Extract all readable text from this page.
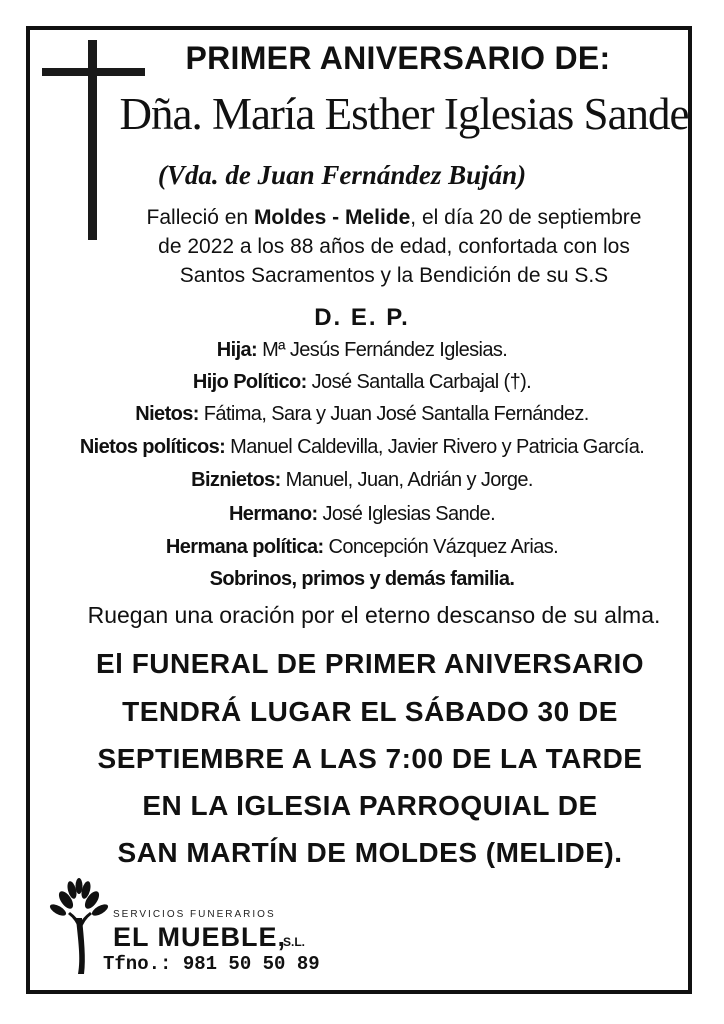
PRIMER ANIVERSARIO DE:
Dña. María Esther Iglesias Sande
(Vda. de Juan Fernández Buján)
Falleció en Moldes - Melide, el día 20 de septiembre
de 2022 a los 88 años de edad, confortada con los
Santos Sacramentos y la Bendición de su S.S
D. E. P.
Hija: Mª Jesús Fernández Iglesias.
Hijo Político: José Santalla Carbajal (†).
Nietos: Fátima, Sara y Juan José Santalla Fernández.
Nietos políticos: Manuel Caldevilla, Javier Rivero y Patricia García.
Biznietos: Manuel, Juan, Adrián y Jorge.
Hermano: José Iglesias Sande.
Hermana política: Concepción Vázquez Arias.
Sobrinos, primos y demás familia.
Ruegan una oración por el eterno descanso de su alma.
El FUNERAL DE PRIMER ANIVERSARIO
TENDRÁ LUGAR EL SÁBADO 30 DE
SEPTIEMBRE A LAS 7:00 DE LA TARDE
EN LA IGLESIA PARROQUIAL DE
SAN MARTÍN DE MOLDES (MELIDE).
SERVICIOS FUNERARIOS
EL MUEBLE,
S.L.
Tfno.: 981 50 50 89
